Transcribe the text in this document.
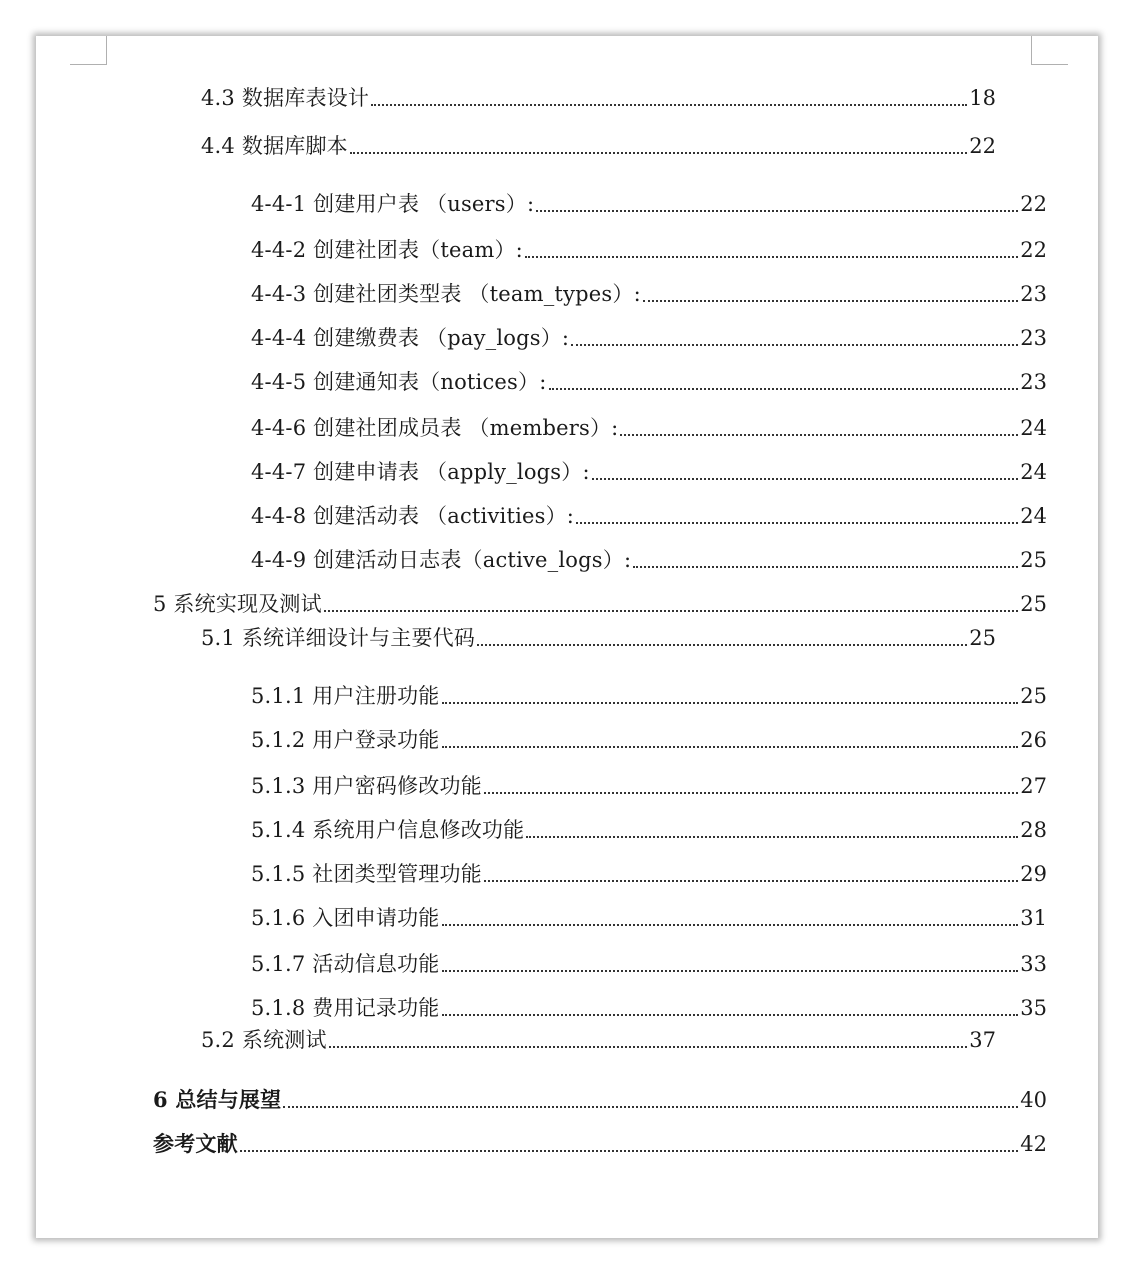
4.3 数据库表设计	18
4.4 数据库脚本	22
4-4-1 创建用户表 （users）:	22
4-4-2 创建社团表（team）:	22
4-4-3 创建社团类型表 （team_types）:	23
4-4-4 创建缴费表 （pay_logs）:	23
4-4-5 创建通知表（notices）:	23
4-4-6 创建社团成员表 （members）:	24
4-4-7 创建申请表 （apply_logs）:	24
4-4-8 创建活动表 （activities）:	24
4-4-9 创建活动日志表（active_logs）:	25
5 系统实现及测试	25
5.1 系统详细设计与主要代码	25
5.1.1 用户注册功能	25
5.1.2 用户登录功能	26
5.1.3 用户密码修改功能	27
5.1.4 系统用户信息修改功能	28
5.1.5 社团类型管理功能	29
5.1.6 入团申请功能	31
5.1.7 活动信息功能	33
5.1.8 费用记录功能	35
5.2 系统测试	37
6 总结与展望	40
参考文献	42
